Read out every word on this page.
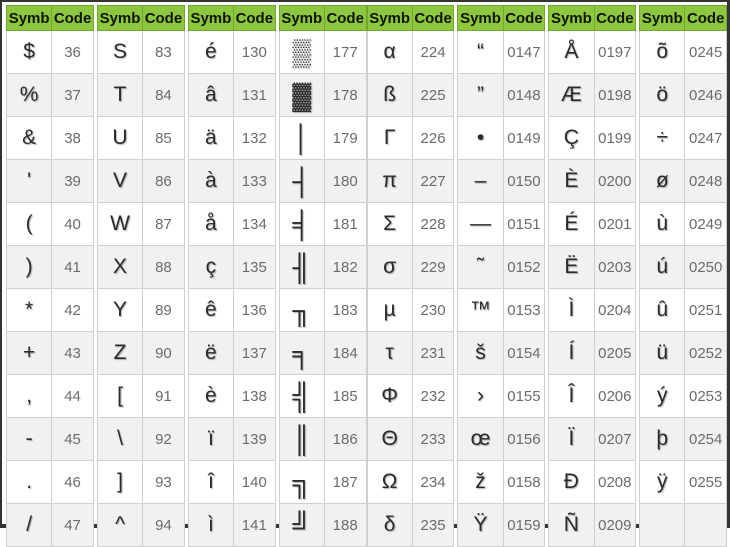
Symb	Code
$	36
%	37
&	38
'	39
(	40
)	41
*	42
+	43
,	44
-	45
.	46
/	47
Symb	Code
S	83
T	84
U	85
V	86
W	87
X	88
Y	89
Z	90
[	91
\	92
]	93
^	94
Symb	Code
é	130
â	131
ä	132
à	133
å	134
ç	135
ê	136
ë	137
è	138
ï	139
î	140
ì	141
Symb	Code
▒	177
▓	178
│	179
┤	180
╡	181
╢	182
╖	183
╕	184
╣	185
║	186
╗	187
╝	188
Symb	Code
α	224
ß	225
Γ	226
π	227
Σ	228
σ	229
µ	230
τ	231
Φ	232
Θ	233
Ω	234
δ	235
Symb	Code
“	0147
”	0148
•	0149
–	0150
—	0151
˜	0152
™	0153
š	0154
›	0155
œ	0156
ž	0158
Ÿ	0159
Symb	Code
Å	0197
Æ	0198
Ç	0199
È	0200
É	0201
Ë	0203
Ì	0204
Í	0205
Î	0206
Ï	0207
Ð	0208
Ñ	0209
Symb	Code
õ	0245
ö	0246
÷	0247
ø	0248
ù	0249
ú	0250
û	0251
ü	0252
ý	0253
þ	0254
ÿ	0255
